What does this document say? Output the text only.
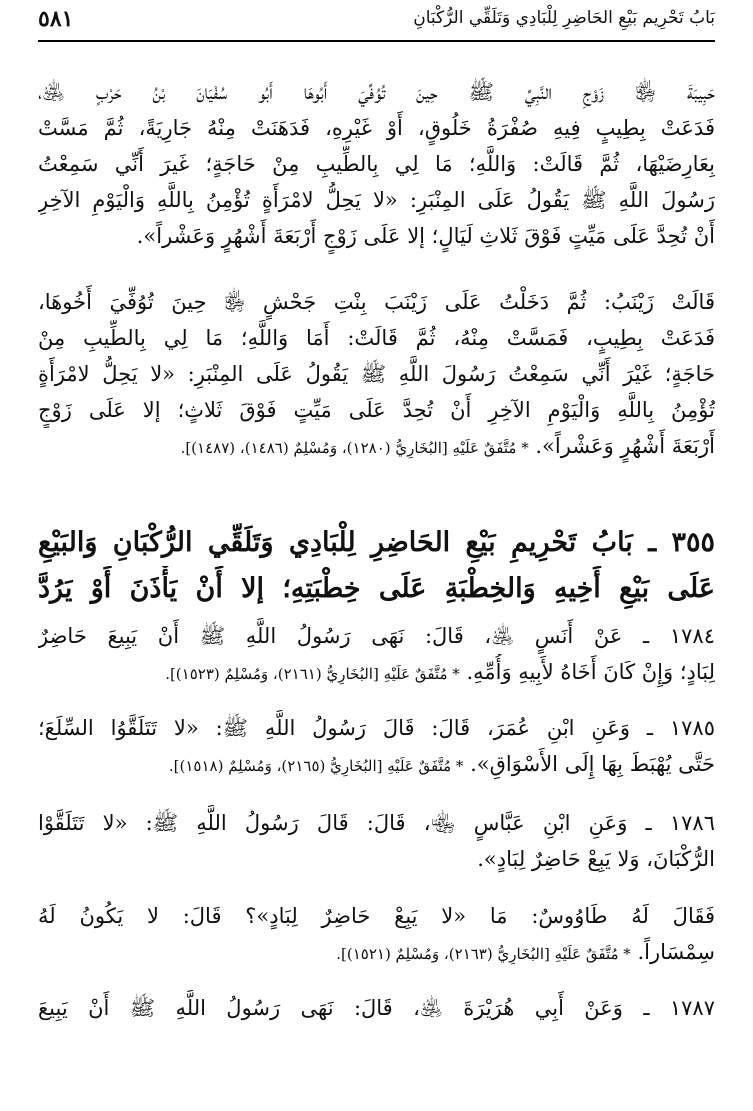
بَابُ تَحْرِيم بَيْعِ الحَاضِرِ لِلْبَادِي وَتَلَقِّي الرُّكْبَانِ
٥٨١
حَبِيبَةَ ﵂ زَوْجِ النَّبِيِّ ﷺ حِينَ تُوُفِّيَ أَبُوهَا أَبُو سُفْيَانَ بْنُ حَرْبٍ ﵁،
فَدَعَتْ بِطِيبٍ فِيهِ صُفْرَةُ خَلُوقٍ، أَوْ غَيْرِهِ، فَدَهَنَتْ مِنْهُ جَارِيَةً، ثُمَّ مَسَّتْ
بِعَارِضَيْهَا، ثُمَّ قَالَتْ: وَاللَّهِ؛ مَا لِي بِالطِّيبِ مِنْ حَاجَةٍ؛ غَيرَ أَنِّي سَمِعْتُ
رَسُولَ اللَّهِ ﷺ يَقُولُ عَلَى المِنْبَرِ: «لا يَحِلُّ لامْرَأَةٍ تُؤْمِنُ بِاللَّهِ وَالْيَوْمِ الآخِرِ
أَنْ تُحِدَّ عَلَى مَيِّتٍ فَوْقَ ثَلاثِ لَيَالٍ؛ إلا عَلَى زَوْجٍ أَرْبَعَةَ أَشْهُرٍ وَعَشْراً».
قَالَتْ زَيْنَبُ: ثُمَّ دَخَلْتُ عَلَى زَيْنَبَ بِنْتِ جَحْشٍ ﵂ حِينَ تُوُفِّيَ أَخُوهَا،
فَدَعَتْ بِطِيبٍ، فَمَسَّتْ مِنْهُ، ثُمَّ قَالَتْ: أَمَا وَاللَّهِ؛ مَا لِي بِالطِّيبِ مِنْ
حَاجَةٍ؛ غَيْرَ أَنِّي سَمِعْتُ رَسُولَ اللَّهِ ﷺ يَقُولُ عَلَى المِنْبَرِ: «لا يَحِلُّ لامْرَأَةٍ
تُؤْمِنُ بِاللَّهِ وَالْيَوْمِ الآخِرِ أَنْ تُحِدَّ عَلَى مَيِّتٍ فَوْقَ ثَلاثٍ؛ إلا عَلَى زَوْجٍ
أَرْبَعَةَ أَشْهُرٍ وَعَشْراً». * مُتَّفَقٌ عَلَيْهِ [البُخَارِيُّ (١٢٨٠)، وَمُسْلِمٌ (١٤٨٦)، (١٤٨٧)].
٣٥٥ ـ بَابُ تَحْرِيمِ بَيْعِ الحَاضِرِ لِلْبَادِي وَتَلَقِّي الرُّكْبَانِ وَالبَيْعِ
عَلَى بَيْعِ أَخِيهِ وَالخِطْبَةِ عَلَى خِطْبَتِهِ؛ إلا أَنْ يَأْذَنَ أَوْ يَرُدَّ
١٧٨٤ ـ عَنْ أَنَسٍ ﵁، قَالَ: نَهَى رَسُولُ اللَّهِ ﷺ أَنْ يَبِيعَ حَاضِرٌ
لِبَادٍ؛ وَإِنْ كَانَ أَخَاهُ لأَبِيهِ وَأُمِّهِ. * مُتَّفَقٌ عَلَيْهِ [البُخَارِيُّ (٢١٦١)، وَمُسْلِمٌ (١٥٢٣)].
١٧٨٥ ـ وَعَنِ ابْنِ عُمَرَ، قَالَ: قَالَ رَسُولُ اللَّهِ ﷺ: «لا تَتَلَقَّوُا السِّلَعَ؛
حَتَّى يُهْبَطَ بِهَا إِلَى الأَسْوَاقِ». * مُتَّفَقٌ عَلَيْهِ [البُخَارِيُّ (٢١٦٥)، وَمُسْلِمٌ (١٥١٨)].
١٧٨٦ ـ وَعَنِ ابْنِ عَبَّاسٍ ﵄، قَالَ: قَالَ رَسُولُ اللَّهِ ﷺ: «لا تَتَلَقَّوْا
الرُّكْبَانَ، وَلا يَبِعْ حَاضِرٌ لِبَادٍ».
فَقَالَ لَهُ طَاوُوسٌ: مَا «لا يَبِعْ حَاضِرٌ لِبَادٍ»؟ قَالَ: لا يَكُونُ لَهُ
سِمْسَاراً. * مُتَّفَقٌ عَلَيْهِ [البُخَارِيُّ (٢١٦٣)، وَمُسْلِمٌ (١٥٢١)].
١٧٨٧ ـ وَعَنْ أَبِي هُرَيْرَةَ ﵁، قَالَ: نَهَى رَسُولُ اللَّهِ ﷺ أَنْ يَبِيعَ
